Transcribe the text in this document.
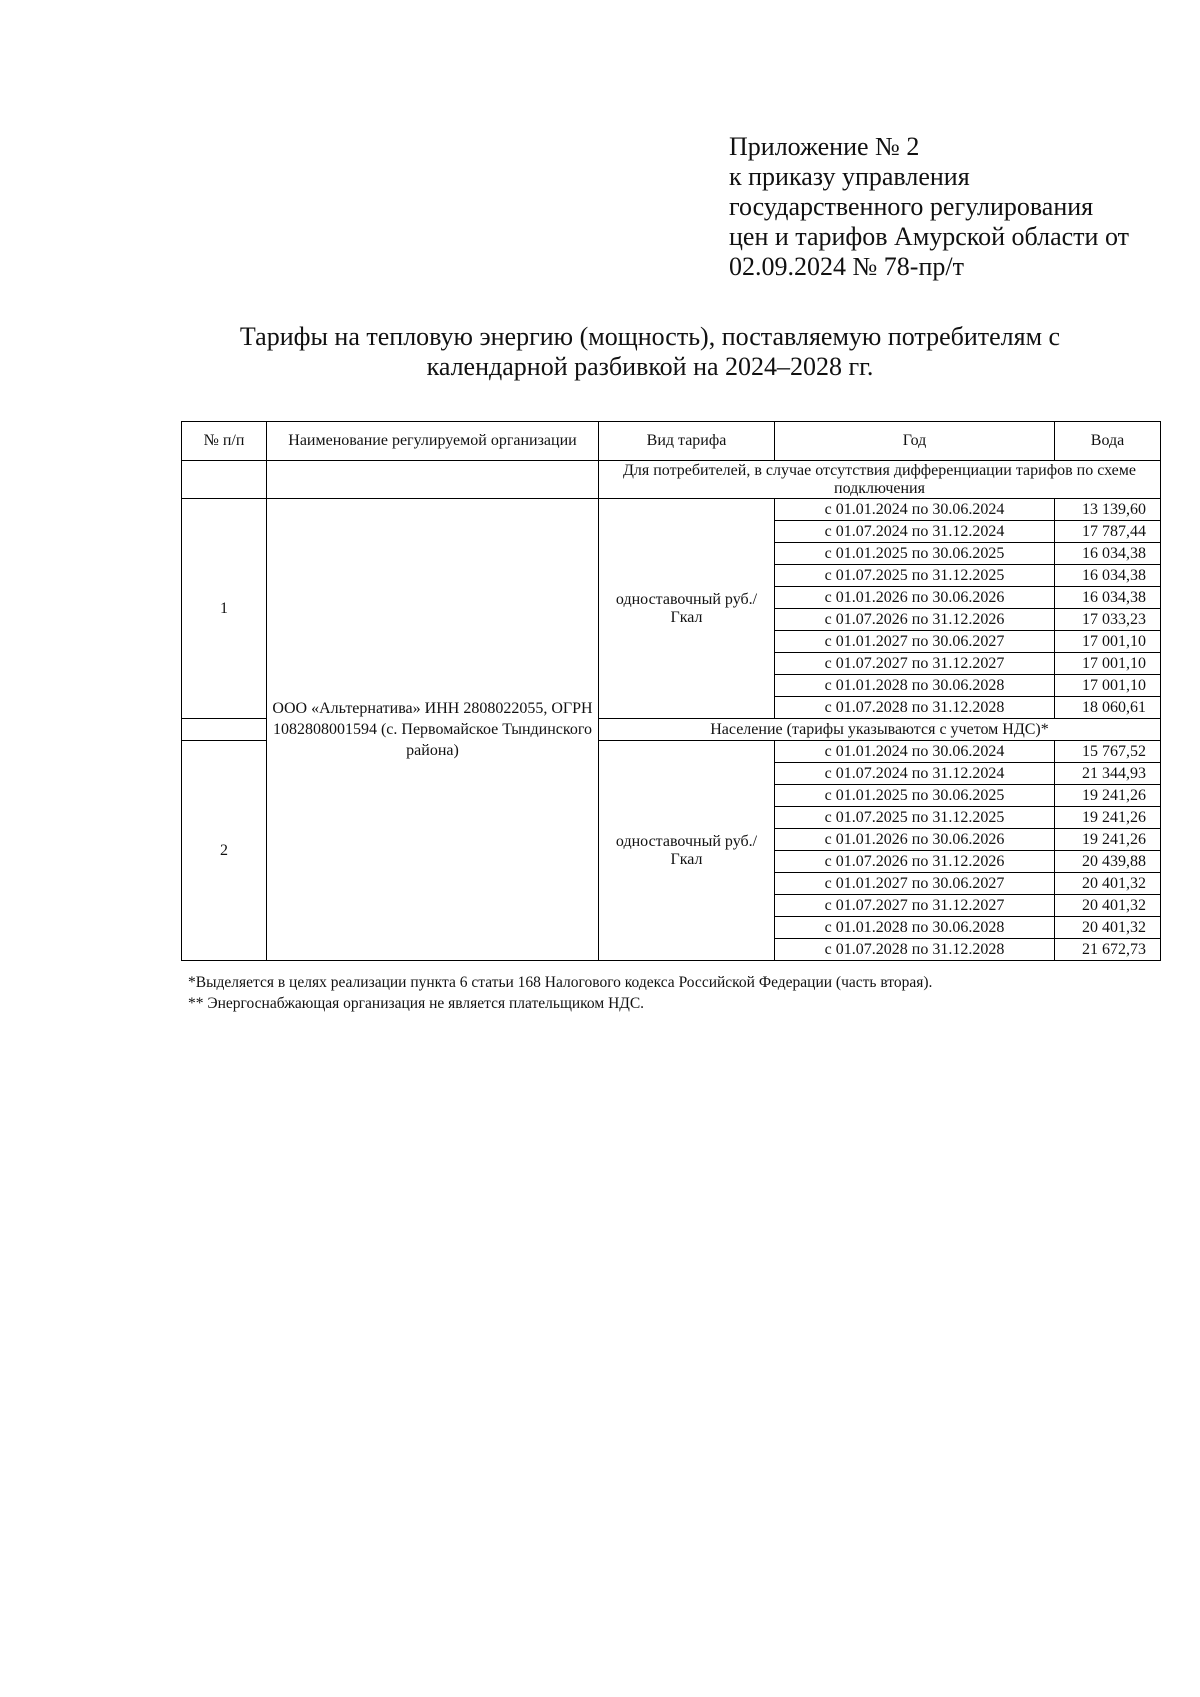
Приложение № 2
к приказу управления
государственного регулирования
цен и тарифов Амурской области от
02.09.2024 № 78-пр/т
Тарифы на тепловую энергию (мощность), поставляемую потребителям с
календарной разбивкой на 2024–2028 гг.
№ п/п	Наименование регулируемой организации	Вид тарифа	Год	Вода
		Для потребителей, в случае отсутствия дифференциации тарифов по схеме подключения		
1	ООО «Альтернатива» ИНН 2808022055, ОГРН 1082808001594 (с. Первомайское Тындинского района)	одноставочный руб./Гкал	с 01.01.2024 по 30.06.2024	13 139,60
			с 01.07.2024 по 31.12.2024	17 787,44
			с 01.01.2025 по 30.06.2025	16 034,38
			с 01.07.2025 по 31.12.2025	16 034,38
			с 01.01.2026 по 30.06.2026	16 034,38
			с 01.07.2026 по 31.12.2026	17 033,23
			с 01.01.2027 по 30.06.2027	17 001,10
			с 01.07.2027 по 31.12.2027	17 001,10
			с 01.01.2028 по 30.06.2028	17 001,10
			с 01.07.2028 по 31.12.2028	18 060,61
		Население (тарифы указываются с учетом НДС)*		
2		одноставочный руб./Гкал	с 01.01.2024 по 30.06.2024	15 767,52
			с 01.07.2024 по 31.12.2024	21 344,93
			с 01.01.2025 по 30.06.2025	19 241,26
			с 01.07.2025 по 31.12.2025	19 241,26
			с 01.01.2026 по 30.06.2026	19 241,26
			с 01.07.2026 по 31.12.2026	20 439,88
			с 01.01.2027 по 30.06.2027	20 401,32
			с 01.07.2027 по 31.12.2027	20 401,32
			с 01.01.2028 по 30.06.2028	20 401,32
			с 01.07.2028 по 31.12.2028	21 672,73
*Выделяется в целях реализации пункта 6 статьи 168 Налогового кодекса Российской Федерации (часть вторая).
** Энергоснабжающая организация не является плательщиком НДС.
